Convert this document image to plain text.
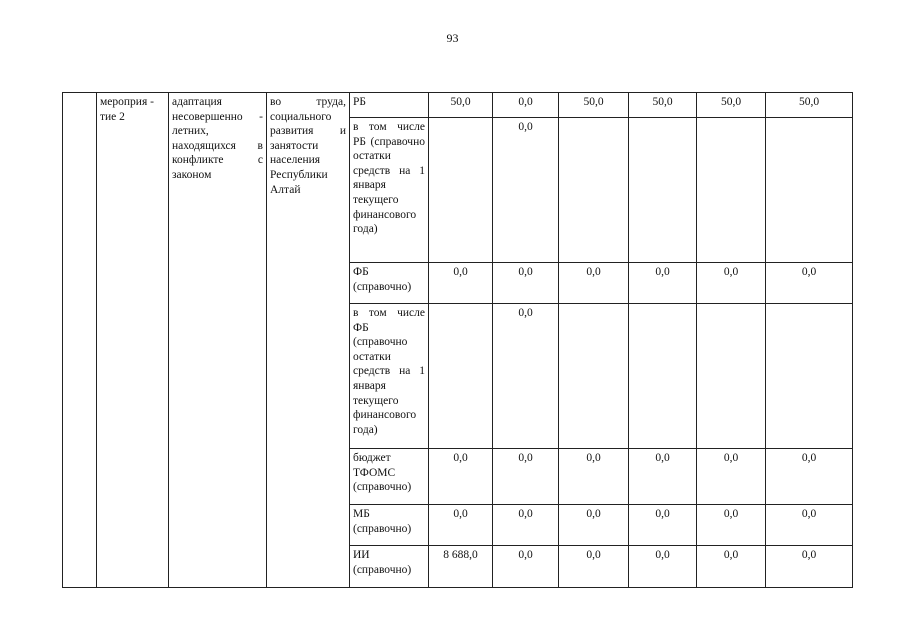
93
	мероприя -
тие 2	адаптация несовершенно - летних, находящихся в конфликте с законом	во труда, социального развития и занятости населения Республики Алтай	РБ	50,0	0,0	50,0	50,0	50,0	50,0
				в том числе РБ (справочно остатки средств на 1 января текущего финансового года)		0,0				
				ФБ (справочно)	0,0	0,0	0,0	0,0	0,0	0,0
				в том числе ФБ (справочно остатки средств на 1 января текущего финансового года)		0,0				
				бюджет ТФОМС (справочно)	0,0	0,0	0,0	0,0	0,0	0,0
				МБ (справочно)	0,0	0,0	0,0	0,0	0,0	0,0
				ИИ (справочно)	8 688,0	0,0	0,0	0,0	0,0	0,0
